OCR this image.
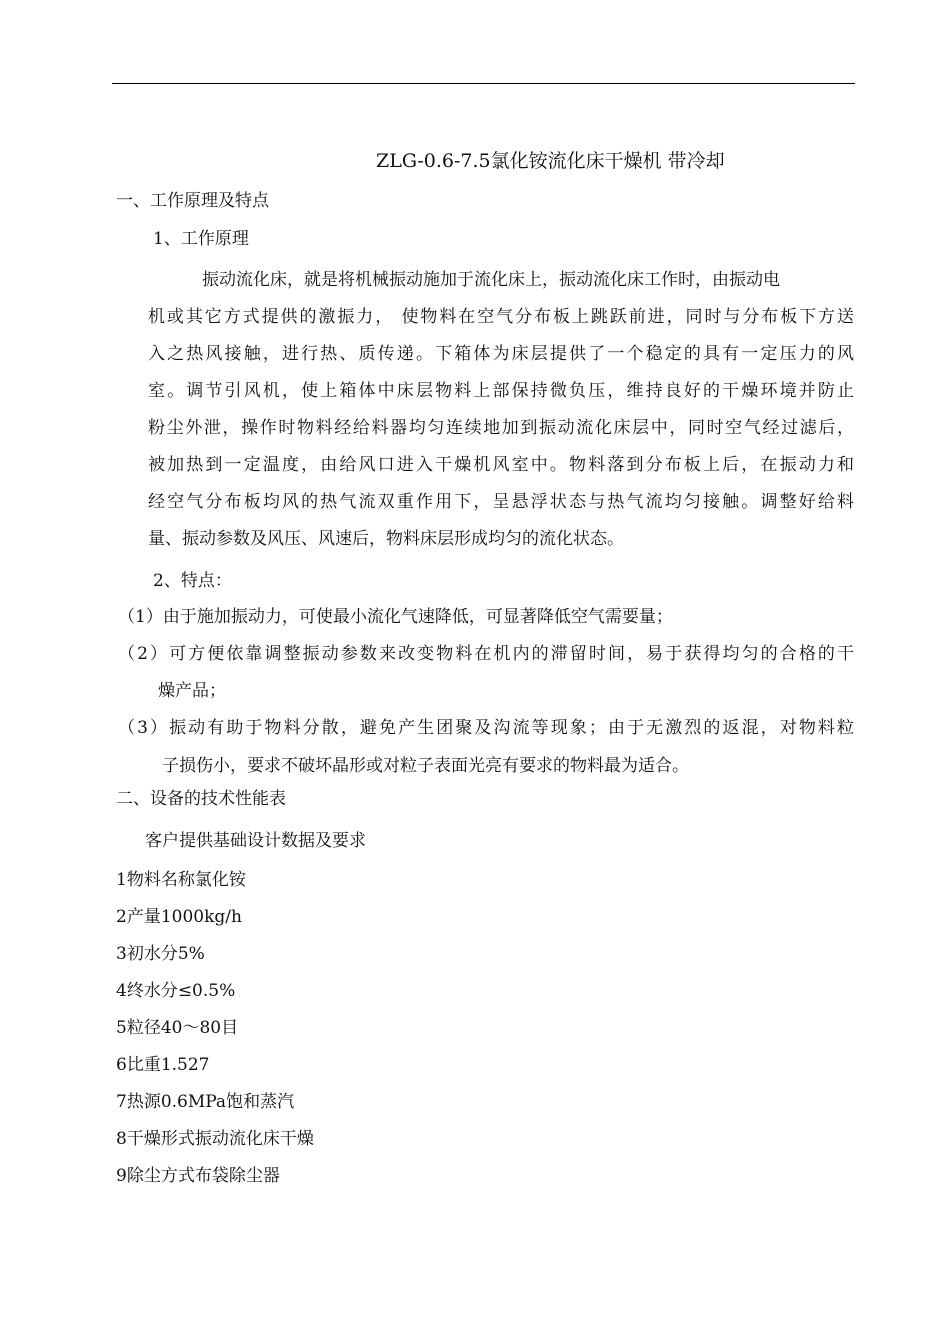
ZLG-0.6-7.5氯化铵流化床干燥机 带冷却
一、工作原理及特点
1、工作原理
振动流化床，就是将机械振动施加于流化床上，振动流化床工作时，由振动电
机或其它方式提供的激振力， 使物料在空气分布板上跳跃前进，同时与分布板下方送
入之热风接触，进行热、质传递。下箱体为床层提供了一个稳定的具有一定压力的风
室。调节引风机，使上箱体中床层物料上部保持微负压，维持良好的干燥环境并防止
粉尘外泄，操作时物料经给料器均匀连续地加到振动流化床层中，同时空气经过滤后，
被加热到一定温度，由给风口进入干燥机风室中。物料落到分布板上后，在振动力和
经空气分布板均风的热气流双重作用下，呈悬浮状态与热气流均匀接触。调整好给料
量、振动参数及风压、风速后，物料床层形成均匀的流化状态。
2、特点：
（1）由于施加振动力，可使最小流化气速降低，可显著降低空气需要量；
（2）可方便依靠调整振动参数来改变物料在机内的滞留时间，易于获得均匀的合格的干
燥产品；
（3）振动有助于物料分散，避免产生团聚及沟流等现象；由于无激烈的返混，对物料粒
子损伤小，要求不破坏晶形或对粒子表面光亮有要求的物料最为适合。
二、设备的技术性能表
客户提供基础设计数据及要求
1物料名称氯化铵
2产量1000kg/h
3初水分5%
4终水分≤0.5%
5粒径40～80目
6比重1.527
7热源0.6MPa饱和蒸汽
8干燥形式振动流化床干燥
9除尘方式布袋除尘器
